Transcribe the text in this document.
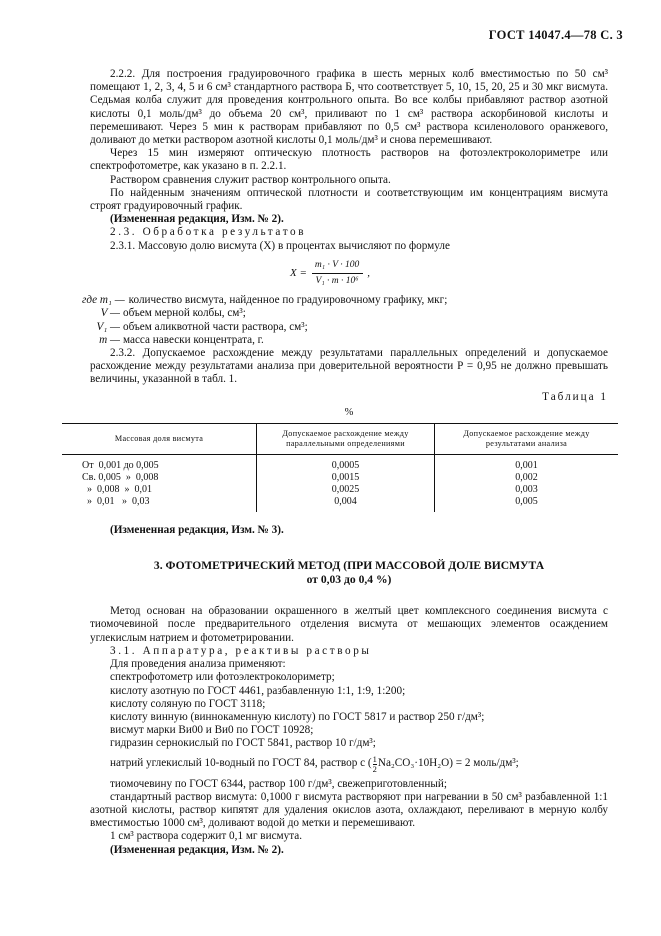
ГОСТ 14047.4—78 С. 3

2.2.2. Для построения градуировочного графика в шесть мерных колб вместимостью по 50 см³ помещают 1, 2, 3, 4, 5 и 6 см³ стандартного раствора Б, что соответствует 5, 10, 15, 20, 25 и 30 мкг висмута. Седьмая колба служит для проведения контрольного опыта. Во все колбы прибавляют раствор азотной кислоты 0,1 моль/дм³ до объема 20 см³, приливают по 1 см³ раствора аскорбиновой кислоты и перемешивают. Через 5 мин к растворам прибавляют по 0,5 см³ раствора ксиленолового оранжевого, доливают до метки раствором азотной кислоты 0,1 моль/дм³ и снова перемешивают.

Через 15 мин измеряют оптическую плотность растворов на фотоэлектроколориметре или спектрофотометре, как указано в п. 2.2.1.

Раствором сравнения служит раствор контрольного опыта.

По найденным значениям оптической плотности и соответствующим им концентрациям висмута строят градуировочный график.

(Измененная редакция, Изм. № 2).

2.3. Обработка результатов

2.3.1. Массовую долю висмута (X) в процентах вычисляют по формуле

$X = \frac{\text{m₁ · V · 100}}{\text{V₁ · m · 10⁶}}$ ,
где m₁ — количество висмута, найденное по градуировочному графику, мкг;
V — объем мерной колбы, см³;
V₁ — объем аликвотной части раствора, см³;
m — масса навески концентрата, г.

2.3.2. Допускаемое расхождение между результатами параллельных определений и допускаемое расхождение между результатами анализа при доверительной вероятности P = 0,95 не должно превышать величины, указанной в табл. 1.

Таблица 1
%
Массовая доля висмута	Допускаемое расхождение между параллельными определениями	Допускаемое расхождение между результатами анализа
От  0,001 до 0,005	0,0005	0,001
Св. 0,005  »  0,008	0,0015	0,002
»  0,008  »  0,01	0,0025	0,003
»  0,01   »  0,03	0,004	0,005

(Измененная редакция, Изм. № 3).

3. ФОТОМЕТРИЧЕСКИЙ МЕТОД (ПРИ МАССОВОЙ ДОЛЕ ВИСМУТА
от 0,03 до 0,4 %)

Метод основан на образовании окрашенного в желтый цвет комплексного соединения висмута с тиомочевиной после предварительного отделения висмута от мешающих элементов осаждением углекислым натрием и фотометрировании.

3.1. Аппаратура, реактивы растворы

Для проведения анализа применяют:

спектрофотометр или фотоэлектроколориметр;

кислоту азотную по ГОСТ 4461, разбавленную 1:1, 1:9, 1:200;

кислоту соляную по ГОСТ 3118;

кислоту винную (виннокаменную кислоту) по ГОСТ 5817 и раствор 250 г/дм³;

висмут марки Ви00 и Ви0 по ГОСТ 10928;

гидразин сернокислый по ГОСТ 5841, раствор 10 г/дм³;

натрий углекислый 10-водный по ГОСТ 84, раствор с ( $\frac{1}{2} Na_2CO_3\cdot 10H_2O) = 2$ моль/дм³;

тиомочевину по ГОСТ 6344, раствор 100 г/дм³, свежеприготовленный;

стандартный раствор висмута: 0,1000 г висмута растворяют при нагревании в 50 см³ разбавленной 1:1 азотной кислоты, раствор кипятят для удаления окислов азота, охлаждают, переливают в мерную колбу вместимостью 1000 см³, доливают водой до метки и перемешивают.

1 см³ раствора содержит 0,1 мг висмута.

(Измененная редакция, Изм. № 2).
